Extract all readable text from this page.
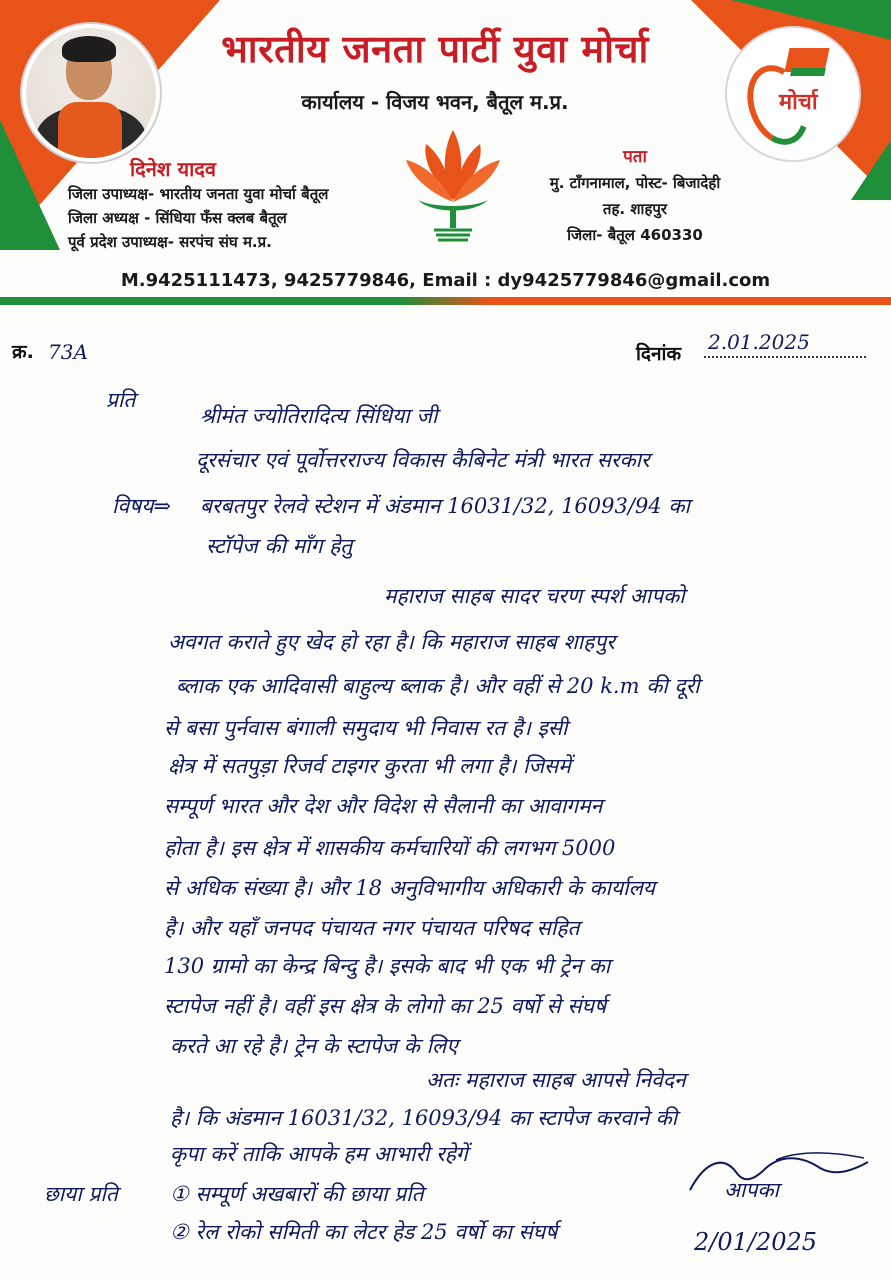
मोर्चा
भारतीय जनता पार्टी युवा मोर्चा
कार्यालय - विजय भवन, बैतूल म.प्र.
दिनेश यादव
जिला उपाध्यक्ष- भारतीय जनता युवा मोर्चा बैतूल
जिला अध्यक्ष - सिंधिया फँस क्लब बैतूल
पूर्व प्रदेश उपाध्यक्ष- सरपंच संघ म.प्र.
पता
मु. टॉंगनामाल, पोस्ट- बिजादेही
तह. शाहपुर
जिला- बैतूल 460330
M.9425111473, 9425779846, Email : dy9425779846@gmail.com
क्र. 73A	दिनांक 2.01.2025
प्रति
श्रीमंत ज्योतिरादित्य सिंधिया जी
दूरसंचार एवं पूर्वोत्तरराज्य विकास कैबिनेट मंत्री भारत सरकार
विषय⇒ बरबतपुर रेलवे स्टेशन में अंडमान 16031/32, 16093/94 का
स्टॉपेज की माँग हेतु
महाराज साहब सादर चरण स्पर्श आपको
अवगत कराते हुए खेद हो रहा है। कि महाराज साहब शाहपुर
ब्लाक एक आदिवासी बाहुल्य ब्लाक है। और वहीं से 20 k.m की दूरी
से बसा पुर्नवास बंगाली समुदाय भी निवास रत है। इसी
क्षेत्र में सतपुड़ा रिजर्व टाइगर कुरता भी लगा है। जिसमें
सम्पूर्ण भारत और देश और विदेश से सैलानी का आवागमन
होता है। इस क्षेत्र में शासकीय कर्मचारियों की लगभग 5000
से अधिक संख्या है। और 18 अनुविभागीय अधिकारी के कार्यालय
है। और यहाँ जनपद पंचायत नगर पंचायत परिषद सहित
130 ग्रामो का केन्द्र बिन्दु है। इसके बाद भी एक भी ट्रेन का
स्टापेज नहीं है। वहीं इस क्षेत्र के लोगो का 25 वर्षो से संघर्ष
करते आ रहे है। ट्रेन के स्टापेज के लिए
अतः महाराज साहब आपसे निवेदन
है। कि अंडमान 16031/32, 16093/94 का स्टापेज करवाने की
कृपा करें ताकि आपके हम आभारी रहेगें
आपका
छाया प्रति ① सम्पूर्ण अखबारों की छाया प्रति
② रेल रोको समिती का लेटर हेड 25 वर्षो का संघर्ष	2/01/2025
